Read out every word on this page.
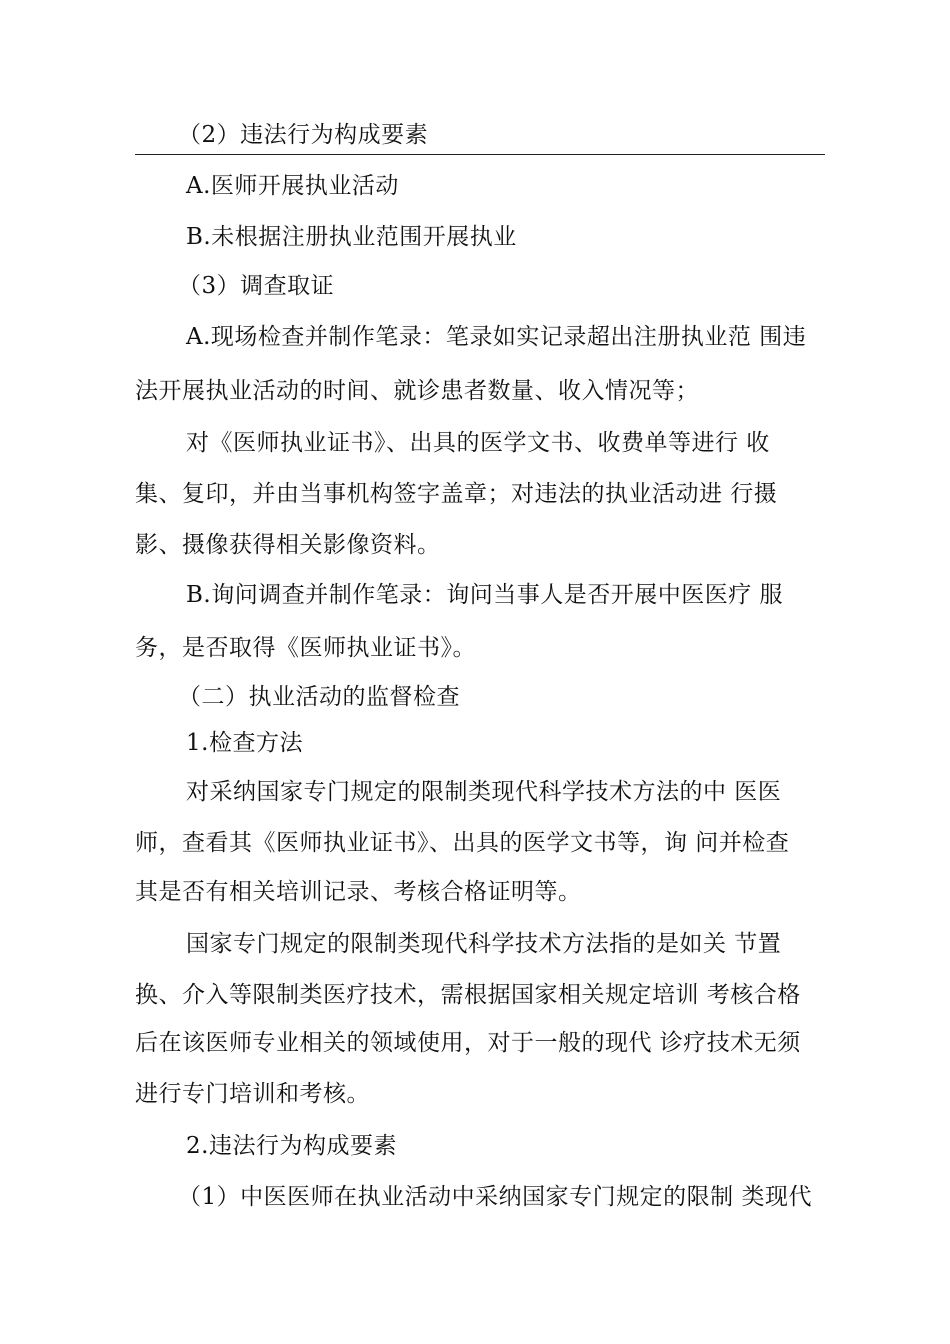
（2）违法行为构成要素
A.医师开展执业活动
B.未根据注册执业范围开展执业
（3）调查取证
A.现场检查并制作笔录：笔录如实记录超出注册执业范 围违
法开展执业活动的时间、就诊患者数量、收入情况等；
对《医师执业证书》、出具的医学文书、收费单等进行 收
集、复印，并由当事机构签字盖章；对违法的执业活动进 行摄
影、摄像获得相关影像资料。
B.询问调查并制作笔录：询问当事人是否开展中医医疗 服
务，是否取得《医师执业证书》。
（二）执业活动的监督检查
1.检查方法
对采纳国家专门规定的限制类现代科学技术方法的中 医医
师，查看其《医师执业证书》、出具的医学文书等，询 问并检查
其是否有相关培训记录、考核合格证明等。
国家专门规定的限制类现代科学技术方法指的是如关 节置
换、介入等限制类医疗技术，需根据国家相关规定培训 考核合格
后在该医师专业相关的领域使用，对于一般的现代 诊疗技术无须
进行专门培训和考核。
2.违法行为构成要素
（1）中医医师在执业活动中采纳国家专门规定的限制 类现代
